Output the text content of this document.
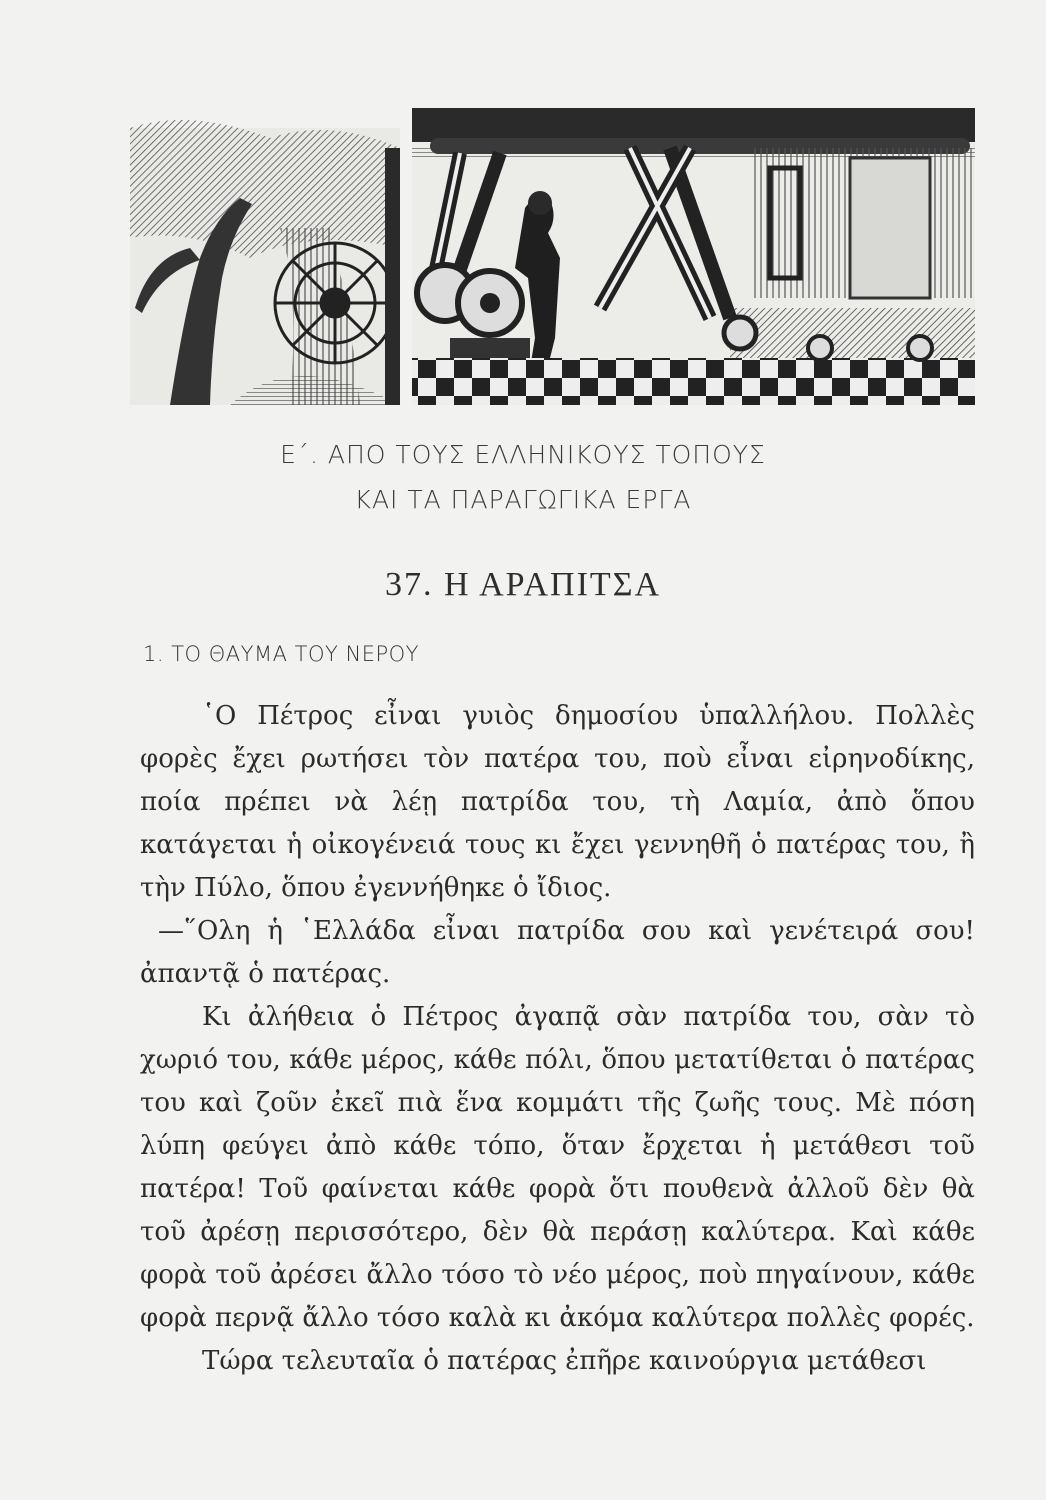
Ε΄. ΑΠΟ ΤΟΥΣ ΕΛΛΗΝΙΚΟΥΣ ΤΟΠΟΥΣ
ΚΑΙ ΤΑ ΠΑΡΑΓΩΓΙΚΑ ΕΡΓΑ
37. Η ΑΡΑΠΙΤΣΑ
1. ΤΟ ΘΑΥΜΑ ΤΟΥ ΝΕΡΟΥ

῾Ο Πέτρος εἶναι γυιὸς δημοσίου ὑπαλλήλου. Πολλὲς φορὲς ἔχει ρωτήσει τὸν πατέρα του, ποὺ εἶναι εἰρηνοδίκης, ποία πρέπει νὰ λέῃ πατρίδα του, τὴ Λαμία, ἀπὸ ὅπου κατάγεται ἡ οἰκογένειά τους κι ἔχει γεννηθῆ ὁ πατέρας του, ἢ τὴν Πύλο, ὅπου ἐγεννήθηκε ὁ ἴδιος.

—῞Ολη ἡ ῾Ελλάδα εἶναι πατρίδα σου καὶ γενέτειρά σου! ἀπαντᾷ ὁ πατέρας.

Κι ἀλήθεια ὁ Πέτρος ἀγαπᾷ σὰν πατρίδα του, σὰν τὸ χωριό του, κάθε μέρος, κάθε πόλι, ὅπου μετατίθεται ὁ πατέρας του καὶ ζοῦν ἐκεῖ πιὰ ἕνα κομμάτι τῆς ζωῆς τους. Μὲ πόση λύπη φεύγει ἀπὸ κάθε τόπο, ὅταν ἔρχεται ἡ μετάθεσι τοῦ πατέρα! Τοῦ φαίνεται κάθε φορὰ ὅτι πουθενὰ ἀλλοῦ δὲν θὰ τοῦ ἀρέσῃ περισσότερο, δὲν θὰ περάσῃ καλύτερα. Καὶ κάθε φορὰ τοῦ ἀρέσει ἄλλο τόσο τὸ νέο μέρος, ποὺ πηγαίνουν, κάθε φορὰ περνᾷ ἄλλο τόσο καλὰ κι ἀκόμα καλύτερα πολλὲς φορές.

Τώρα τελευταῖα ὁ πατέρας ἐπῆρε καινούργια μετάθεσι
